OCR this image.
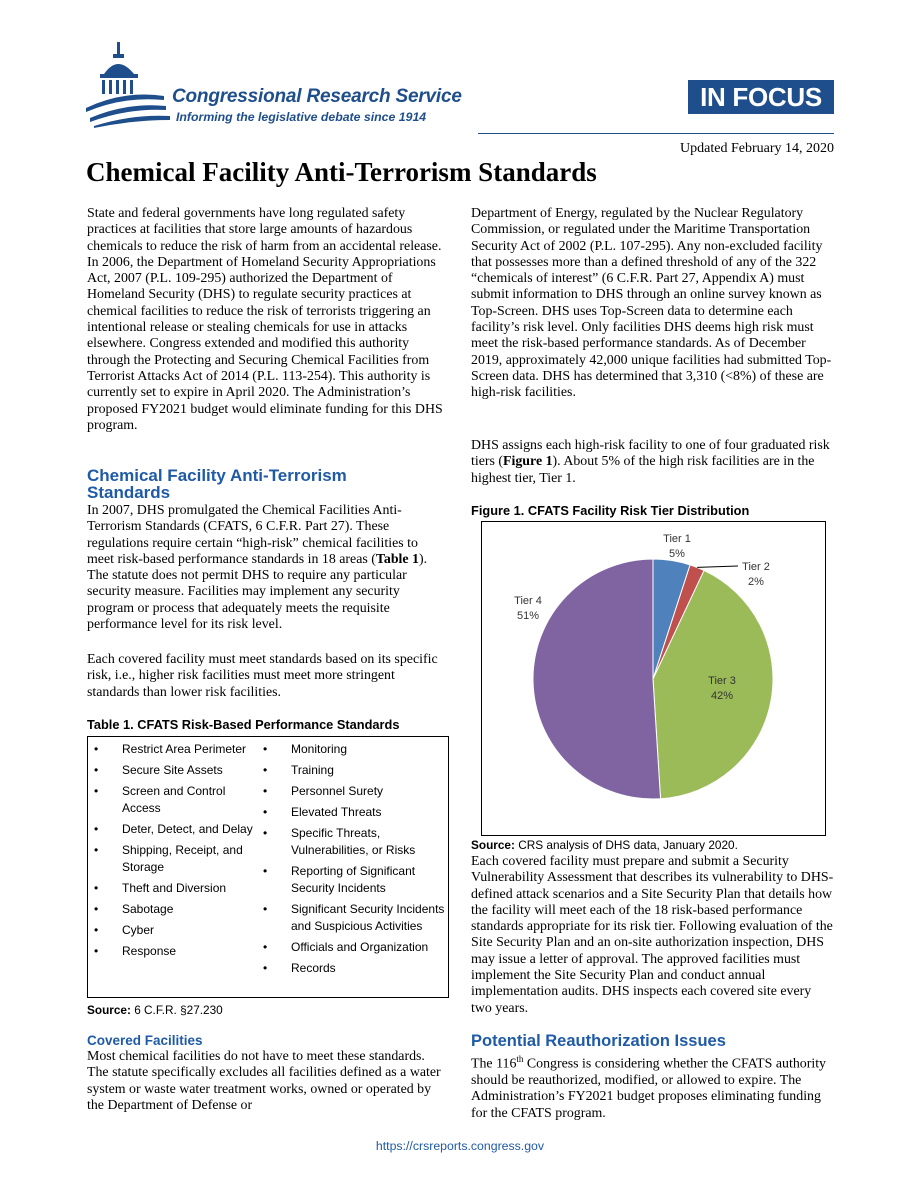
Congressional Research Service
Informing the legislative debate since 1914
IN FOCUS
Updated February 14, 2020
Chemical Facility Anti-Terrorism Standards

State and federal governments have long regulated safety practices at facilities that store large amounts of hazardous chemicals to reduce the risk of harm from an accidental release. In 2006, the Department of Homeland Security Appropriations Act, 2007 (P.L. 109-295) authorized the Department of Homeland Security (DHS) to regulate security practices at chemical facilities to reduce the risk of terrorists triggering an intentional release or stealing chemicals for use in attacks elsewhere. Congress extended and modified this authority through the Protecting and Securing Chemical Facilities from Terrorist Attacks Act of 2014 (P.L. 113-254). This authority is currently set to expire in April 2020. The Administration’s proposed FY2021 budget would eliminate funding for this DHS program.

Chemical Facility Anti-Terrorism Standards

In 2007, DHS promulgated the Chemical Facilities Anti-Terrorism Standards (CFATS, 6 C.F.R. Part 27). These regulations require certain “high-risk” chemical facilities to meet risk-based performance standards in 18 areas (Table 1). The statute does not permit DHS to require any particular security measure. Facilities may implement any security program or process that adequately meets the requisite performance level for its risk level.

Each covered facility must meet standards based on its specific risk, i.e., higher risk facilities must meet more stringent standards than lower risk facilities.

Table 1. CFATS Risk-Based Performance Standards
• Restrict Area Perimeter
• Secure Site Assets
• Screen and Control Access
• Deter, Detect, and Delay
• Shipping, Receipt, and Storage
• Theft and Diversion
• Sabotage
• Cyber
• Response
• Monitoring
• Training
• Personnel Surety
• Elevated Threats
• Specific Threats, Vulnerabilities, or Risks
• Reporting of Significant Security Incidents
• Significant Security Incidents and Suspicious Activities
• Officials and Organization
• Records
Source: 6 C.F.R. §27.230
Covered Facilities

Most chemical facilities do not have to meet these standards. The statute specifically excludes all facilities defined as a water system or waste water treatment works, owned or operated by the Department of Defense or

Department of Energy, regulated by the Nuclear Regulatory Commission, or regulated under the Maritime Transportation Security Act of 2002 (P.L. 107-295). Any non-excluded facility that possesses more than a defined threshold of any of the 322 “chemicals of interest” (6 C.F.R. Part 27, Appendix A) must submit information to DHS through an online survey known as Top-Screen. DHS uses Top-Screen data to determine each facility’s risk level. Only facilities DHS deems high risk must meet the risk-based performance standards. As of December 2019, approximately 42,000 unique facilities had submitted Top-Screen data. DHS has determined that 3,310 (<8%) of these are high-risk facilities.

DHS assigns each high-risk facility to one of four graduated risk tiers (Figure 1). About 5% of the high risk facilities are in the highest tier, Tier 1.

Figure 1. CFATS Facility Risk Tier Distribution
Tier 1
5%
Tier 2
2%
Tier 3
42%
Tier 4
51%
Source: CRS analysis of DHS data, January 2020.

Each covered facility must prepare and submit a Security Vulnerability Assessment that describes its vulnerability to DHS-defined attack scenarios and a Site Security Plan that details how the facility will meet each of the 18 risk-based performance standards appropriate for its risk tier. Following evaluation of the Site Security Plan and an on-site authorization inspection, DHS may issue a letter of approval. The approved facilities must implement the Site Security Plan and conduct annual implementation audits. DHS inspects each covered site every two years.

Potential Reauthorization Issues

The 116th Congress is considering whether the CFATS authority should be reauthorized, modified, or allowed to expire. The Administration’s FY2021 budget proposes eliminating funding for the CFATS program.

https://crsreports.congress.gov
